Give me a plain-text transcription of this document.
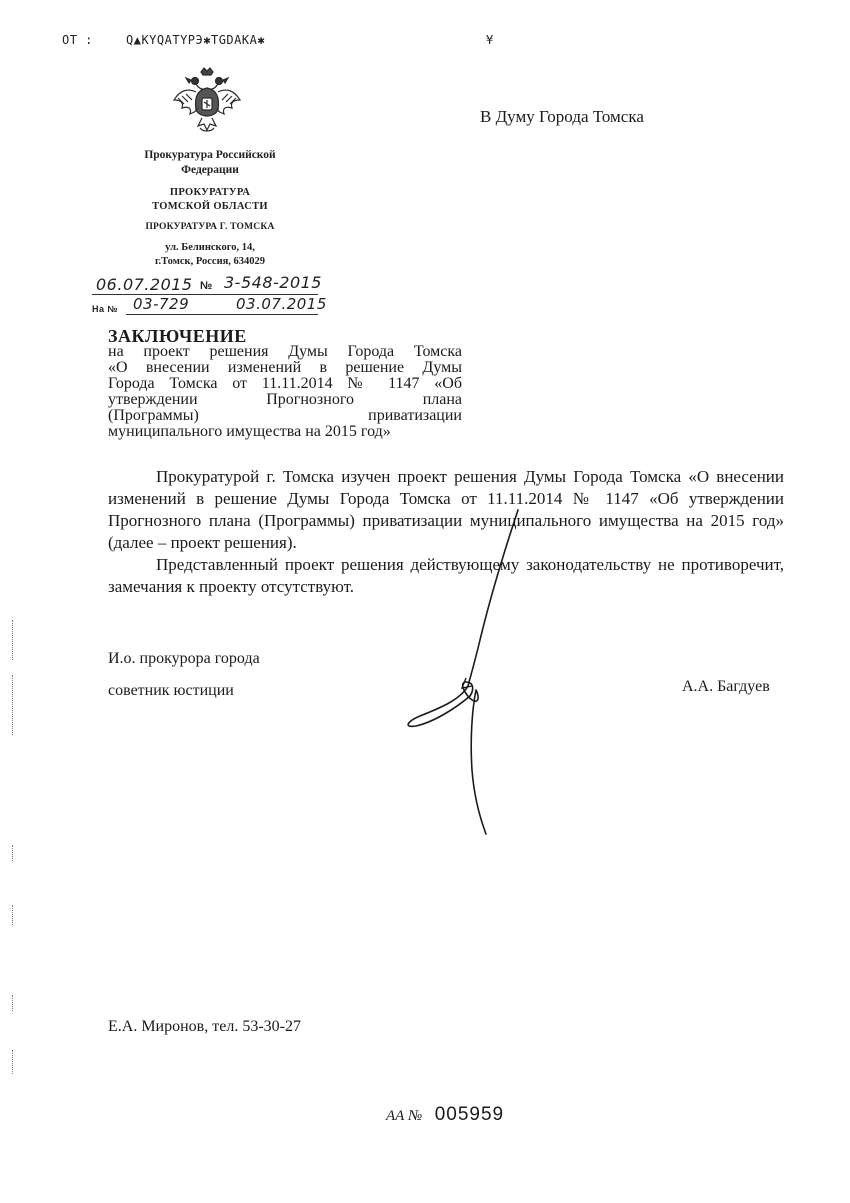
ОТ :	Q▲KYQATYPЭ✱TGDAKA✱	¥
Прокуратура Российской
Федерации
ПРОКУРАТУРА
ТОМСКОЙ ОБЛАСТИ
ПРОКУРАТУРА Г. ТОМСКА
ул. Белинского, 14,
г.Томск, Россия, 634029
06.07.2015 № 3-548-2015
На № 03-729	03.07.2015
В Думу Города Томска
ЗАКЛЮЧЕНИЕ
на проект решения Думы Города Томска
«О внесении изменений в решение Думы
Города Томска от 11.11.2014 № 1147 «Об
утверждении Прогнозного плана
(Программы) приватизации
муниципального имущества на 2015 год»

Прокуратурой г. Томска изучен проект решения Думы Города Томска «О внесении изменений в решение Думы Города Томска от 11.11.2014 № 1147 «Об утверждении Прогнозного плана (Программы) приватизации муниципального имущества на 2015 год» (далее – проект решения).

Представленный проект решения действующему законодательству не противоречит, замечания к проекту отсутствуют.

И.о. прокурора города
советник юстиции	А.А. Багдуев
Е.А. Миронов, тел. 53-30-27
АА № 005959
